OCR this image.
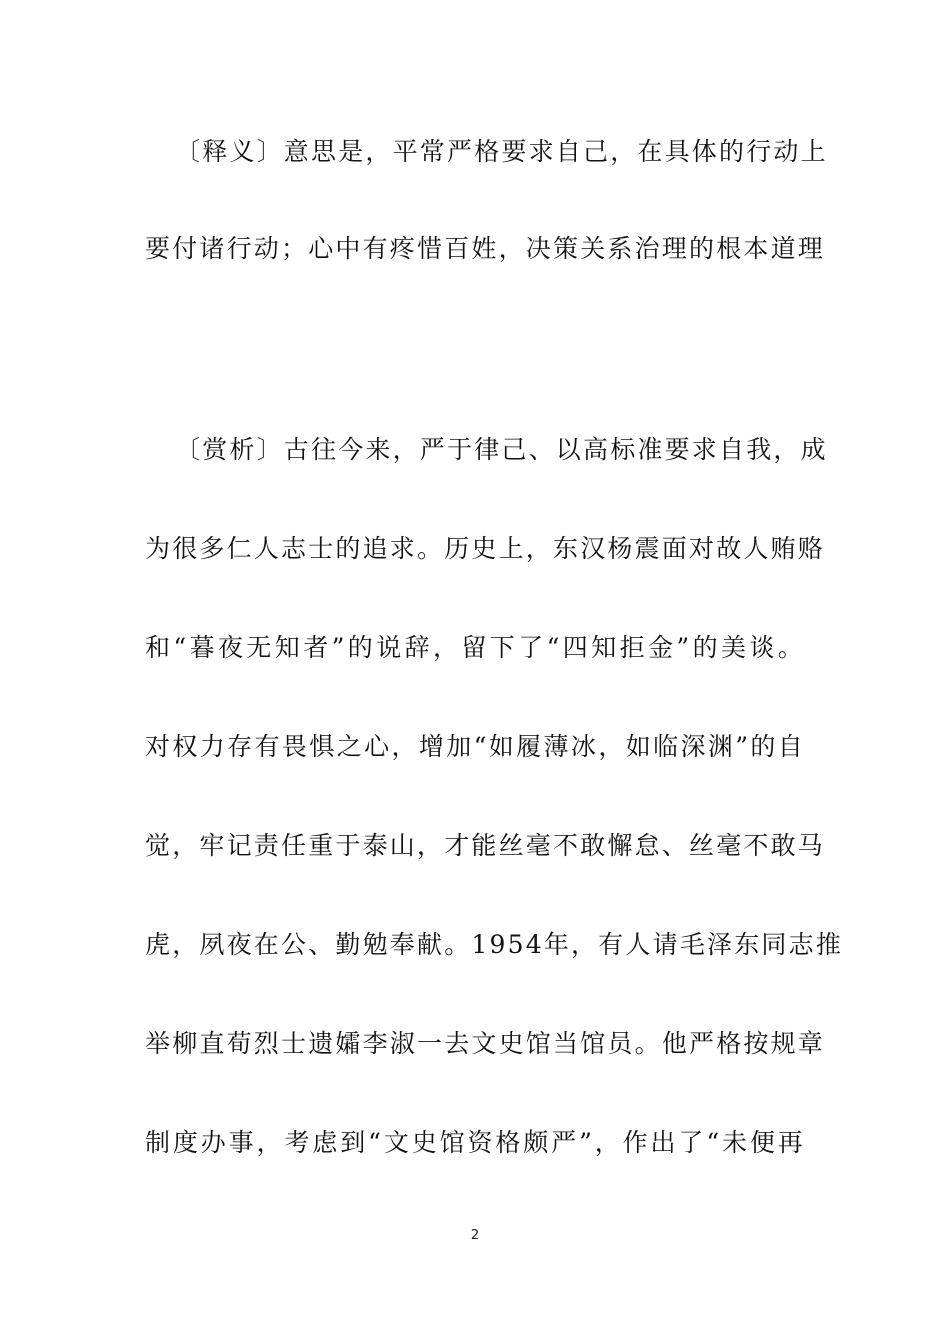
〔释义〕意思是，平常严格要求自己，在具体的行动上
要付诸行动；心中有疼惜百姓，决策关系治理的根本道理
〔赏析〕古往今来，严于律己、以高标准要求自我，成
为很多仁人志士的追求。历史上，东汉杨震面对故人贿赂
和“暮夜无知者”的说辞，留下了“四知拒金”的美谈。
对权力存有畏惧之心，增加“如履薄冰，如临深渊”的自
觉，牢记责任重于泰山，才能丝毫不敢懈怠、丝毫不敢马
虎，夙夜在公、勤勉奉献。1954年，有人请毛泽东同志推
举柳直荀烈士遗孀李淑一去文史馆当馆员。他严格按规章
制度办事，考虑到“文史馆资格颇严”，作出了“未便再
2
